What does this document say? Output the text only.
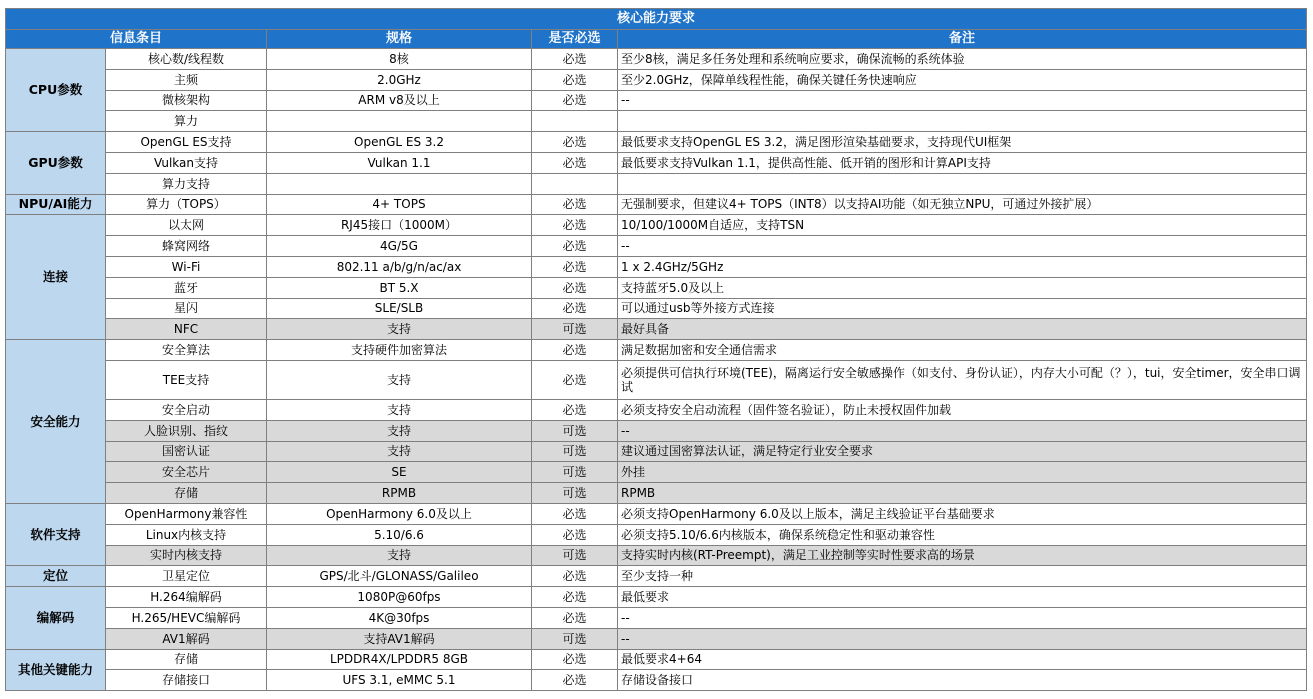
核心能力要求				
信息条目		规格	是否必选	备注
CPU参数	核心数/线程数	8核	必选	至少8核，满足多任务处理和系统响应要求，确保流畅的系统体验
	主频	2.0GHz	必选	至少2.0GHz，保障单线程性能，确保关键任务快速响应
	微核架构	ARM v8及以上	必选	--
	算力			
GPU参数	OpenGL ES支持	OpenGL ES 3.2	必选	最低要求支持OpenGL ES 3.2，满足图形渲染基础要求，支持现代UI框架
	Vulkan支持	Vulkan 1.1	必选	最低要求支持Vulkan 1.1，提供高性能、低开销的图形和计算API支持
	算力支持			
NPU/AI能力	算力（TOPS）	4+ TOPS	必选	无强制要求，但建议4+ TOPS（INT8）以支持AI功能（如无独立NPU，可通过外接扩展）
连接	以太网	RJ45接口（1000M）	必选	10/100/1000M自适应，支持TSN
	蜂窝网络	4G/5G	必选	--
	Wi-Fi	802.11 a/b/g/n/ac/ax	必选	1 x 2.4GHz/5GHz
	蓝牙	BT 5.X	必选	支持蓝牙5.0及以上
	星闪	SLE/SLB	必选	可以通过usb等外接方式连接
	NFC	支持	可选	最好具备
安全能力	安全算法	支持硬件加密算法	必选	满足数据加密和安全通信需求
	TEE支持	支持	必选	必须提供可信执行环境(TEE)，隔离运行安全敏感操作（如支付、身份认证），内存大小可配（？），tui，安全timer，安全串口调试
	安全启动	支持	必选	必须支持安全启动流程（固件签名验证），防止未授权固件加载
	人脸识别、指纹	支持	可选	--
	国密认证	支持	可选	建议通过国密算法认证，满足特定行业安全要求
	安全芯片	SE	可选	外挂
	存储	RPMB	可选	RPMB
软件支持	OpenHarmony兼容性	OpenHarmony 6.0及以上	必选	必须支持OpenHarmony 6.0及以上版本，满足主线验证平台基础要求
	Linux内核支持	5.10/6.6	必选	必须支持5.10/6.6内核版本，确保系统稳定性和驱动兼容性
	实时内核支持	支持	可选	支持实时内核(RT-Preempt)，满足工业控制等实时性要求高的场景
定位	卫星定位	GPS/北斗/GLONASS/Galileo	必选	至少支持一种
编解码	H.264编解码	1080P@60fps	必选	最低要求
	H.265/HEVC编解码	4K@30fps	必选	--
	AV1解码	支持AV1解码	可选	--
其他关键能力	存储	LPDDR4X/LPDDR5 8GB	必选	最低要求4+64
	存储接口	UFS 3.1, eMMC 5.1	必选	存储设备接口
